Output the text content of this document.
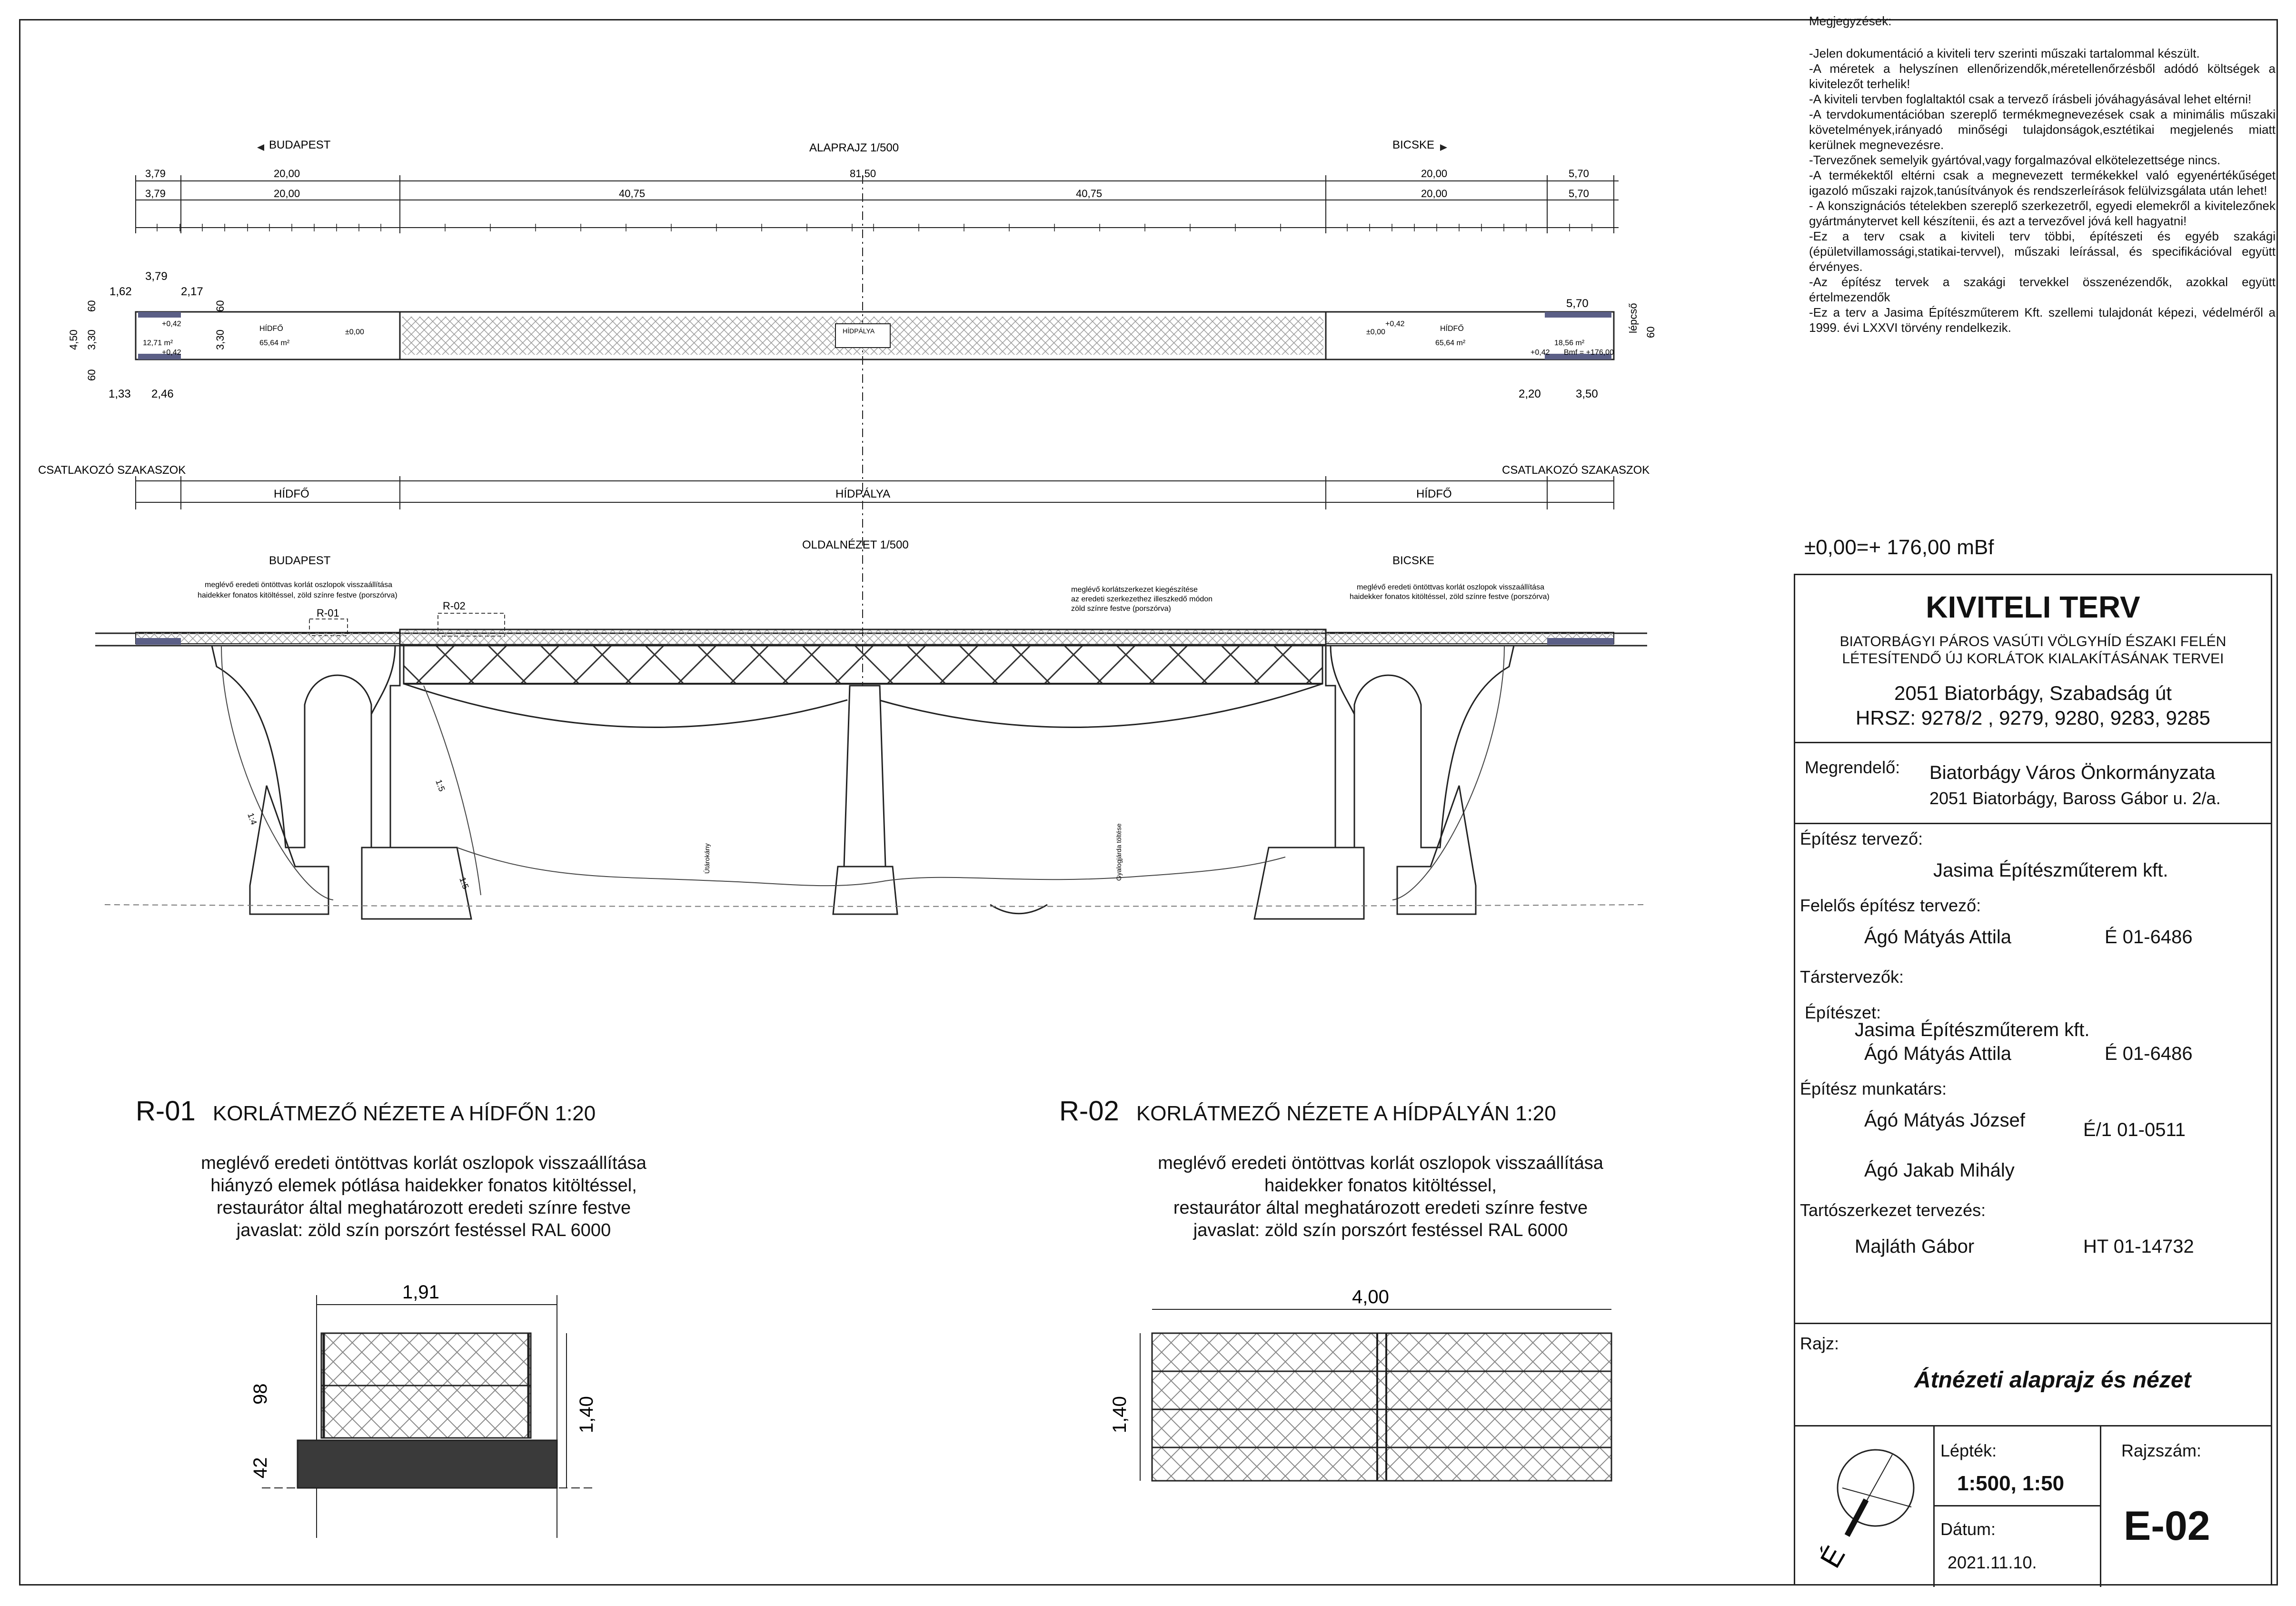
BUDAPEST	ALAPRAJZ 1/500	BICSKE
3,79	20,00	81,50	20,00	5,70
3,79	20,00	40,75	40,75	20,00	5,70
HÍDFŐ	HÍDPÁLYA	HÍDFŐ
12,71 m²	65,64 m²	65,64 m²	18,56 m²
+0,42
+0,42
±0,00
+0,42
±0,00
+0,42 Bmf = +176,00
1,62
3,79
2,17
4,50 3,30
60
60
3,30
60
1,33 2,46
5,70	lépcső 60
2,20	3,50
CSATLAKOZÓ SZAKASZOK	CSATLAKOZÓ SZAKASZOK
HÍDFŐ	HÍDPÁLYA	HÍDFŐ
OLDALNÉZET 1/500
BUDAPEST	BICSKE
meglévő eredeti öntöttvas korlát oszlopok visszaállítása
haidekker fonatos kitöltéssel, zöld színre festve (porszórva)
meglévő korlátszerkezet kiegészítése
az eredeti szerkezethez illeszkedő módon
zöld színre festve (porszórva)
meglévő eredeti öntöttvas korlát oszlopok visszaállítása
haidekker fonatos kitöltéssel, zöld színre festve (porszórva)
R-01
R-02
1:4
1:5
1:5
Útárokány	Gyalogjárda töltése
1,91
98
42
1,40
4,00
1,40
É

Megjegyzések:

-Jelen dokumentáció a kiviteli terv szerinti műszaki tartalommal készült.

-A méretek a helyszínen ellenőrizendők,méretellenőrzésből adódó költségek a kivitelezőt terhelik!

-A kiviteli tervben foglaltaktól csak a tervező írásbeli jóváhagyásával lehet eltérni!

-A tervdokumentációban szereplő termékmegnevezések csak a minimális műszaki követelmények,irányadó minőségi tulajdonságok,esztétikai megjelenés miatt kerülnek megnevezésre.

-Tervezőnek semelyik gyártóval,vagy forgalmazóval elkötelezettsége nincs.

-A termékektől eltérni csak a megnevezett termékekkel való egyenértékűséget igazoló műszaki rajzok,tanúsítványok és rendszerleírások felülvizsgálata után lehet!

- A konszignációs tételekben szereplő szerkezetről, egyedi elemekről a kivitelezőnek gyártmánytervet kell készítenii, és azt a tervezővel jóvá kell hagyatni!

-Ez a terv csak a kiviteli terv többi, építészeti és egyéb szakági (épületvillamossági,statikai-tervvel), műszaki leírással, és specifikációval együtt érvényes.

-Az építész tervek a szakági tervekkel összenézendők, azokkal együtt értelmezendők

-Ez a terv a Jasima Építészműterem Kft. szellemi tulajdonát képezi, védelméről a 1999. évi LXXVI törvény rendelkezik.

±0,00=+ 176,00 mBf
KIVITELI TERV
BIATORBÁGYI PÁROS VASÚTI VÖLGYHÍD ÉSZAKI FELÉN
LÉTESÍTENDŐ ÚJ KORLÁTOK KIALAKÍTÁSÁNAK TERVEI
2051 Biatorbágy, Szabadság út
HRSZ: 9278/2 , 9279, 9280, 9283, 9285
Megrendelő: Biatorbágy Város Önkormányzata
2051 Biatorbágy, Baross Gábor u. 2/a.
Építész tervező:
Jasima Építészműterem kft.
Felelős építész tervező:
Ágó Mátyás Attila	É 01-6486
Társtervezők:
Építészet:
Jasima Építészműterem kft.
Ágó Mátyás Attila	É 01-6486
Építész munkatárs:
Ágó Mátyás József	É/1 01-0511
Ágó Jakab Mihály
Tartószerkezet tervezés:
Majláth Gábor	HT 01-14732
Rajz:
Átnézeti alaprajz és nézet
Lépték:
1:500, 1:50
Dátum:
2021.11.10.
Rajzszám:
E-02
R-01 KORLÁTMEZŐ NÉZETE A HÍDFŐN 1:20
meglévő eredeti öntöttvas korlát oszlopok visszaállítása
hiányzó elemek pótlása haidekker fonatos kitöltéssel,
restaurátor által meghatározott eredeti színre festve
javaslat: zöld szín porszórt festéssel RAL 6000
R-02 KORLÁTMEZŐ NÉZETE A HÍDPÁLYÁN 1:20
meglévő eredeti öntöttvas korlát oszlopok visszaállítása
haidekker fonatos kitöltéssel,
restaurátor által meghatározott eredeti színre festve
javaslat: zöld szín porszórt festéssel RAL 6000
